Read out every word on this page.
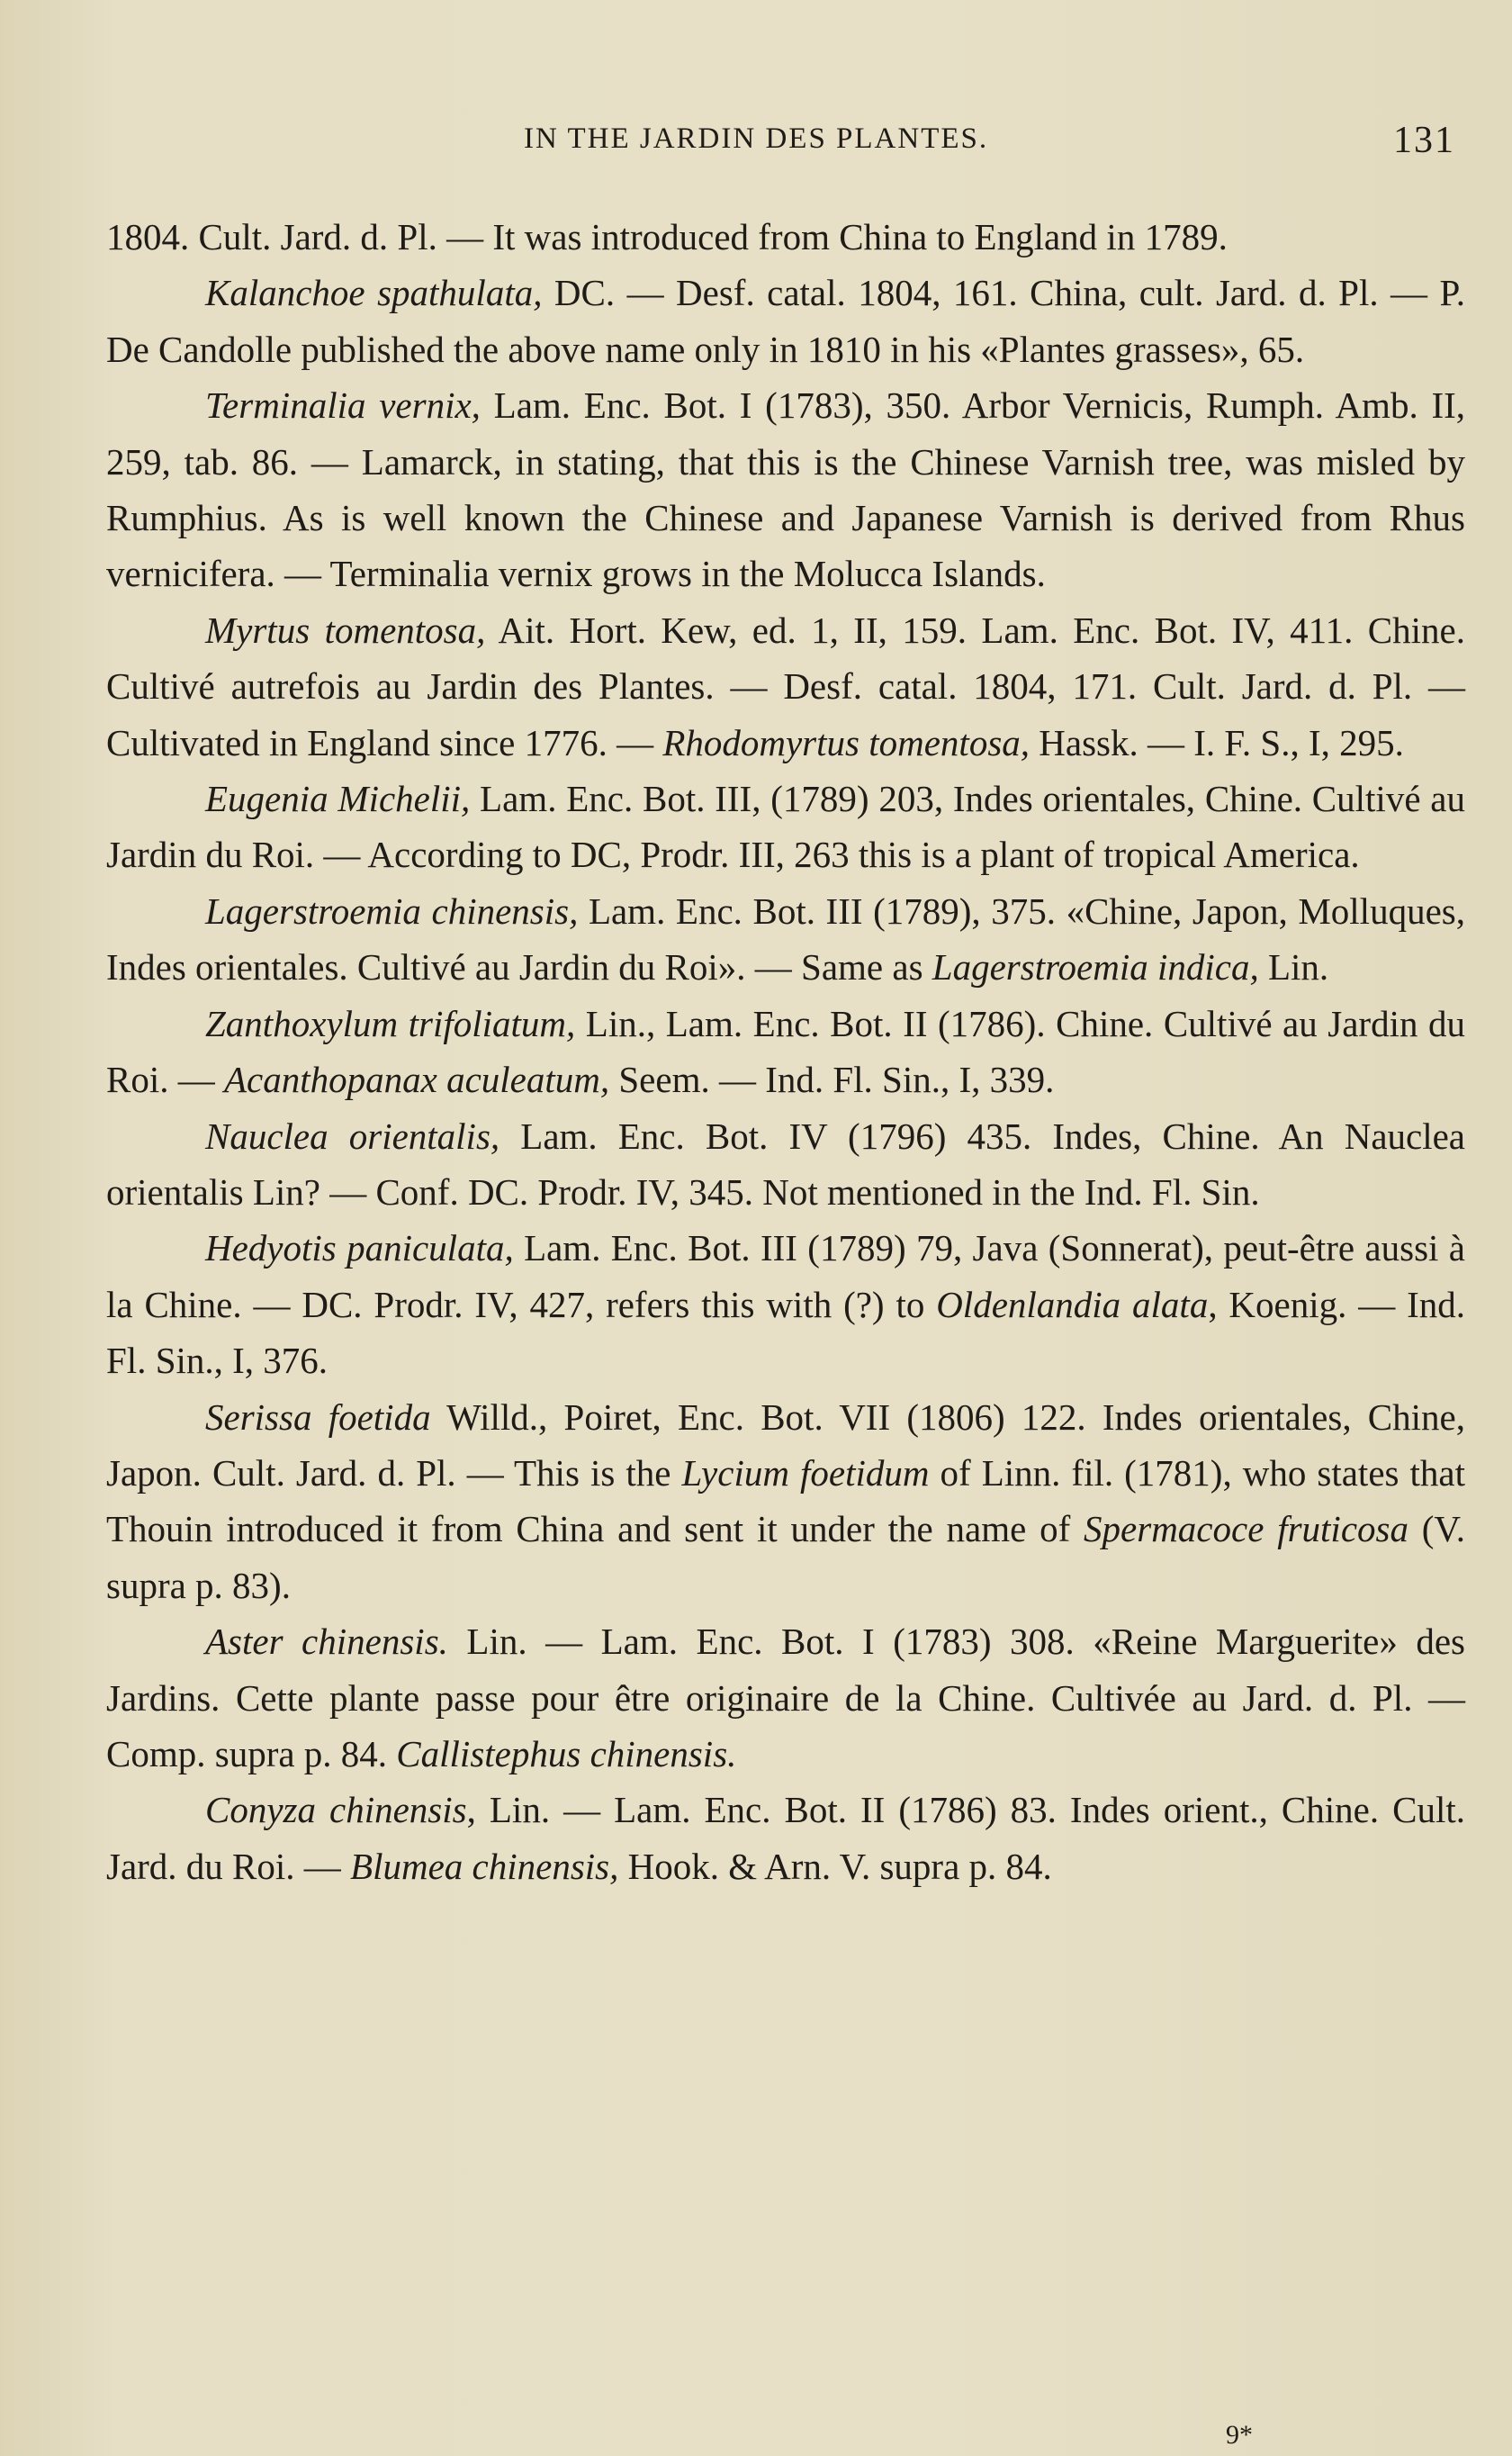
IN THE JARDIN DES PLANTES.	131

1804. Cult. Jard. d. Pl. — It was introduced from China to England in 1789.

Kalanchoe spathulata, DC. — Desf. catal. 1804, 161. China, cult. Jard. d. Pl. — P. De Candolle published the above name only in 1810 in his «Plantes grasses», 65.

Terminalia vernix, Lam. Enc. Bot. I (1783), 350. Arbor Vernicis, Rumph. Amb. II, 259, tab. 86. — Lamarck, in stating, that this is the Chinese Varnish tree, was misled by Rumphius. As is well known the Chinese and Japanese Varnish is derived from Rhus vernicifera. — Terminalia vernix grows in the Molucca Islands.

Myrtus tomentosa, Ait. Hort. Kew, ed. 1, II, 159. Lam. Enc. Bot. IV, 411. Chine. Cultivé autrefois au Jardin des Plantes. — Desf. catal. 1804, 171. Cult. Jard. d. Pl. — Cultivated in England since 1776. — Rhodomyrtus tomentosa, Hassk. — I. F. S., I, 295.

Eugenia Michelii, Lam. Enc. Bot. III, (1789) 203, Indes orientales, Chine. Cultivé au Jardin du Roi. — According to DC, Prodr. III, 263 this is a plant of tropical America.

Lagerstroemia chinensis, Lam. Enc. Bot. III (1789), 375. «Chine, Japon, Molluques, Indes orientales. Cultivé au Jardin du Roi». — Same as Lagerstroemia indica, Lin.

Zanthoxylum trifoliatum, Lin., Lam. Enc. Bot. II (1786). Chine. Cultivé au Jardin du Roi. — Acanthopanax aculeatum, Seem. — Ind. Fl. Sin., I, 339.

Nauclea orientalis, Lam. Enc. Bot. IV (1796) 435. Indes, Chine. An Nauclea orientalis Lin? — Conf. DC. Prodr. IV, 345. Not mentioned in the Ind. Fl. Sin.

Hedyotis paniculata, Lam. Enc. Bot. III (1789) 79, Java (Sonnerat), peut-être aussi à la Chine. — DC. Prodr. IV, 427, refers this with (?) to Oldenlandia alata, Koenig. — Ind. Fl. Sin., I, 376.

Serissa foetida Willd., Poiret, Enc. Bot. VII (1806) 122. Indes orientales, Chine, Japon. Cult. Jard. d. Pl. — This is the Lycium foetidum of Linn. fil. (1781), who states that Thouin introduced it from China and sent it under the name of Spermacoce fruticosa (V. supra p. 83).

Aster chinensis. Lin. — Lam. Enc. Bot. I (1783) 308. «Reine Marguerite» des Jardins. Cette plante passe pour être originaire de la Chine. Cultivée au Jard. d. Pl. — Comp. supra p. 84. Callistephus chinensis.

Conyza chinensis, Lin. — Lam. Enc. Bot. II (1786) 83. Indes orient., Chine. Cult. Jard. du Roi. — Blumea chinensis, Hook. & Arn. V. supra p. 84.

9*
